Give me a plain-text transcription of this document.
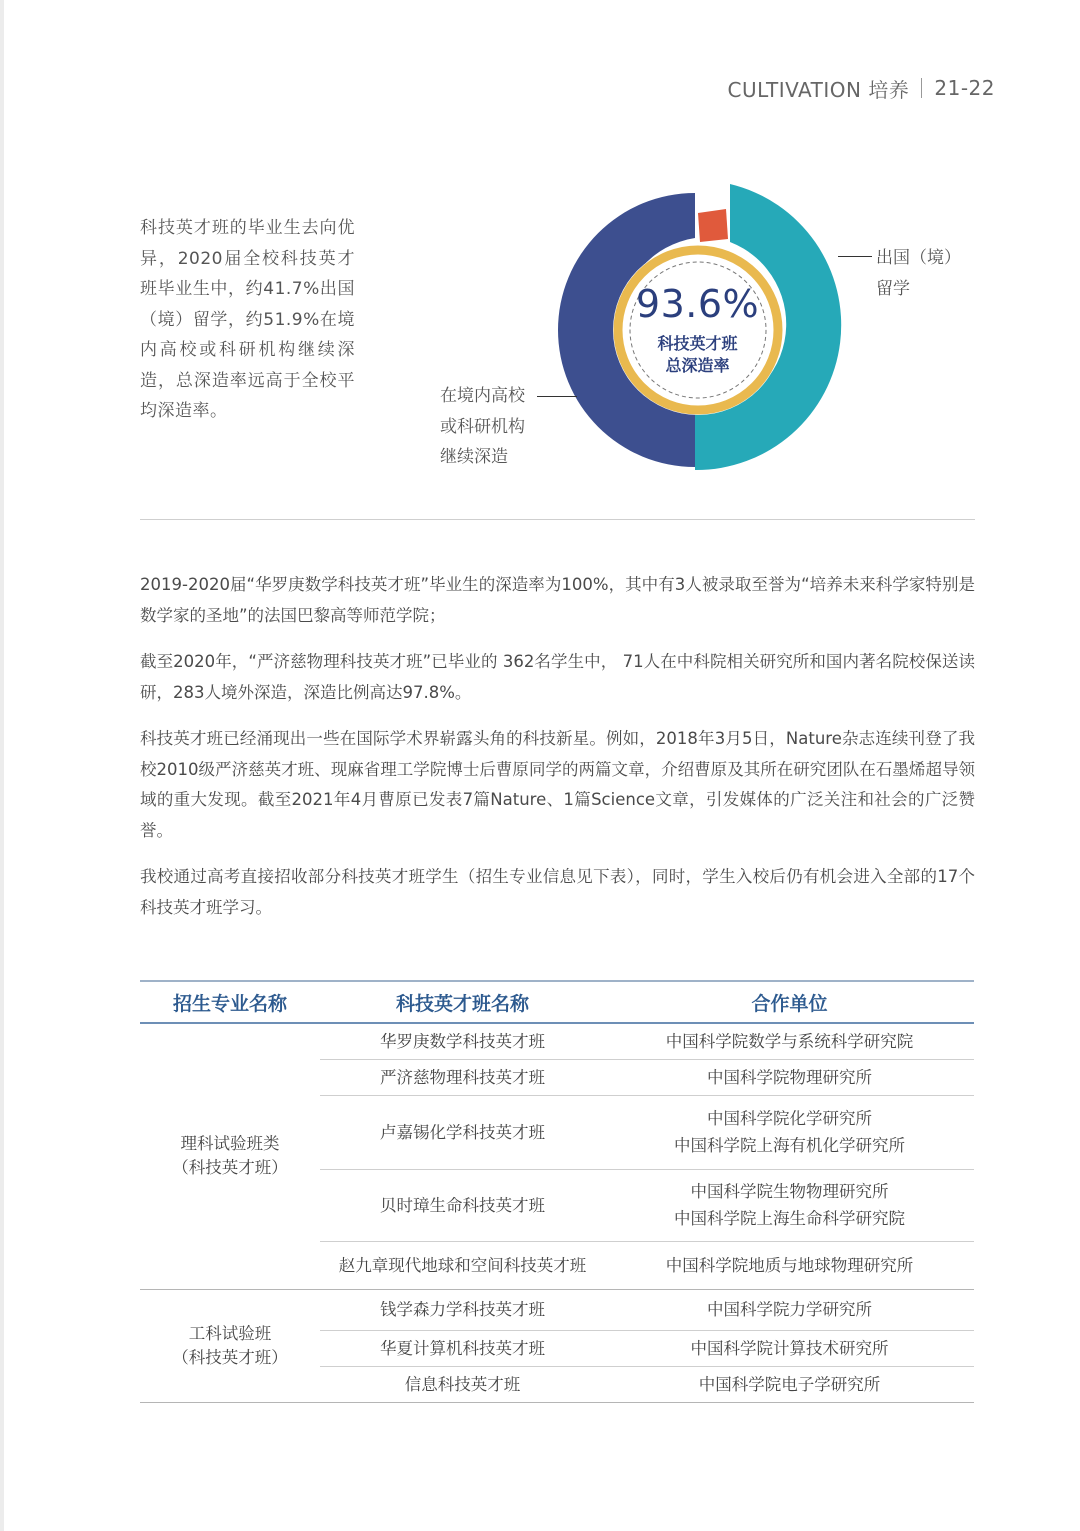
CULTIVATION 培养 21-22
科技英才班的毕业生去向优异，2020届全校科技英才班毕业生中，约41.7%出国（境）留学，约51.9%在境内高校或科研机构继续深造，总深造率远高于全校平均深造率。
93.6%
科技英才班
总深造率
41.7%
出国（境）
留学
51.9%
在境内高校
或科研机构
继续深造

2019-2020届“华罗庚数学科技英才班”毕业生的深造率为100%，其中有3人被录取至誉为“培养未来科学家特别是数学家的圣地”的法国巴黎高等师范学院；

截至2020年，“严济慈物理科技英才班”已毕业的 362名学生中， 71人在中科院相关研究所和国内著名院校保送读研，283人境外深造，深造比例高达97.8%。

科技英才班已经涌现出一些在国际学术界崭露头角的科技新星。例如，2018年3月5日，Nature杂志连续刊登了我校2010级严济慈英才班、现麻省理工学院博士后曹原同学的两篇文章，介绍曹原及其所在研究团队在石墨烯超导领域的重大发现。截至2021年4月曹原已发表7篇Nature、1篇Science文章，引发媒体的广泛关注和社会的广泛赞誉。

我校通过高考直接招收部分科技英才班学生（招生专业信息见下表），同时，学生入校后仍有机会进入全部的17个科技英才班学习。

招生专业名称	科技英才班名称	合作单位

理科试验班类
（科技英才班）	华罗庚数学科技英才班	中国科学院数学与系统科学研究院

	严济慈物理科技英才班	中国科学院物理研究所

	卢嘉锡化学科技英才班	中国科学院化学研究所
中国科学院上海有机化学研究所

	贝时璋生命科技英才班	中国科学院生物物理研究所
中国科学院上海生命科学研究院

	赵九章现代地球和空间科技英才班	中国科学院地质与地球物理研究所

工科试验班
（科技英才班）	钱学森力学科技英才班	中国科学院力学研究所

	华夏计算机科技英才班	中国科学院计算技术研究所

	信息科技英才班	中国科学院电子学研究所
